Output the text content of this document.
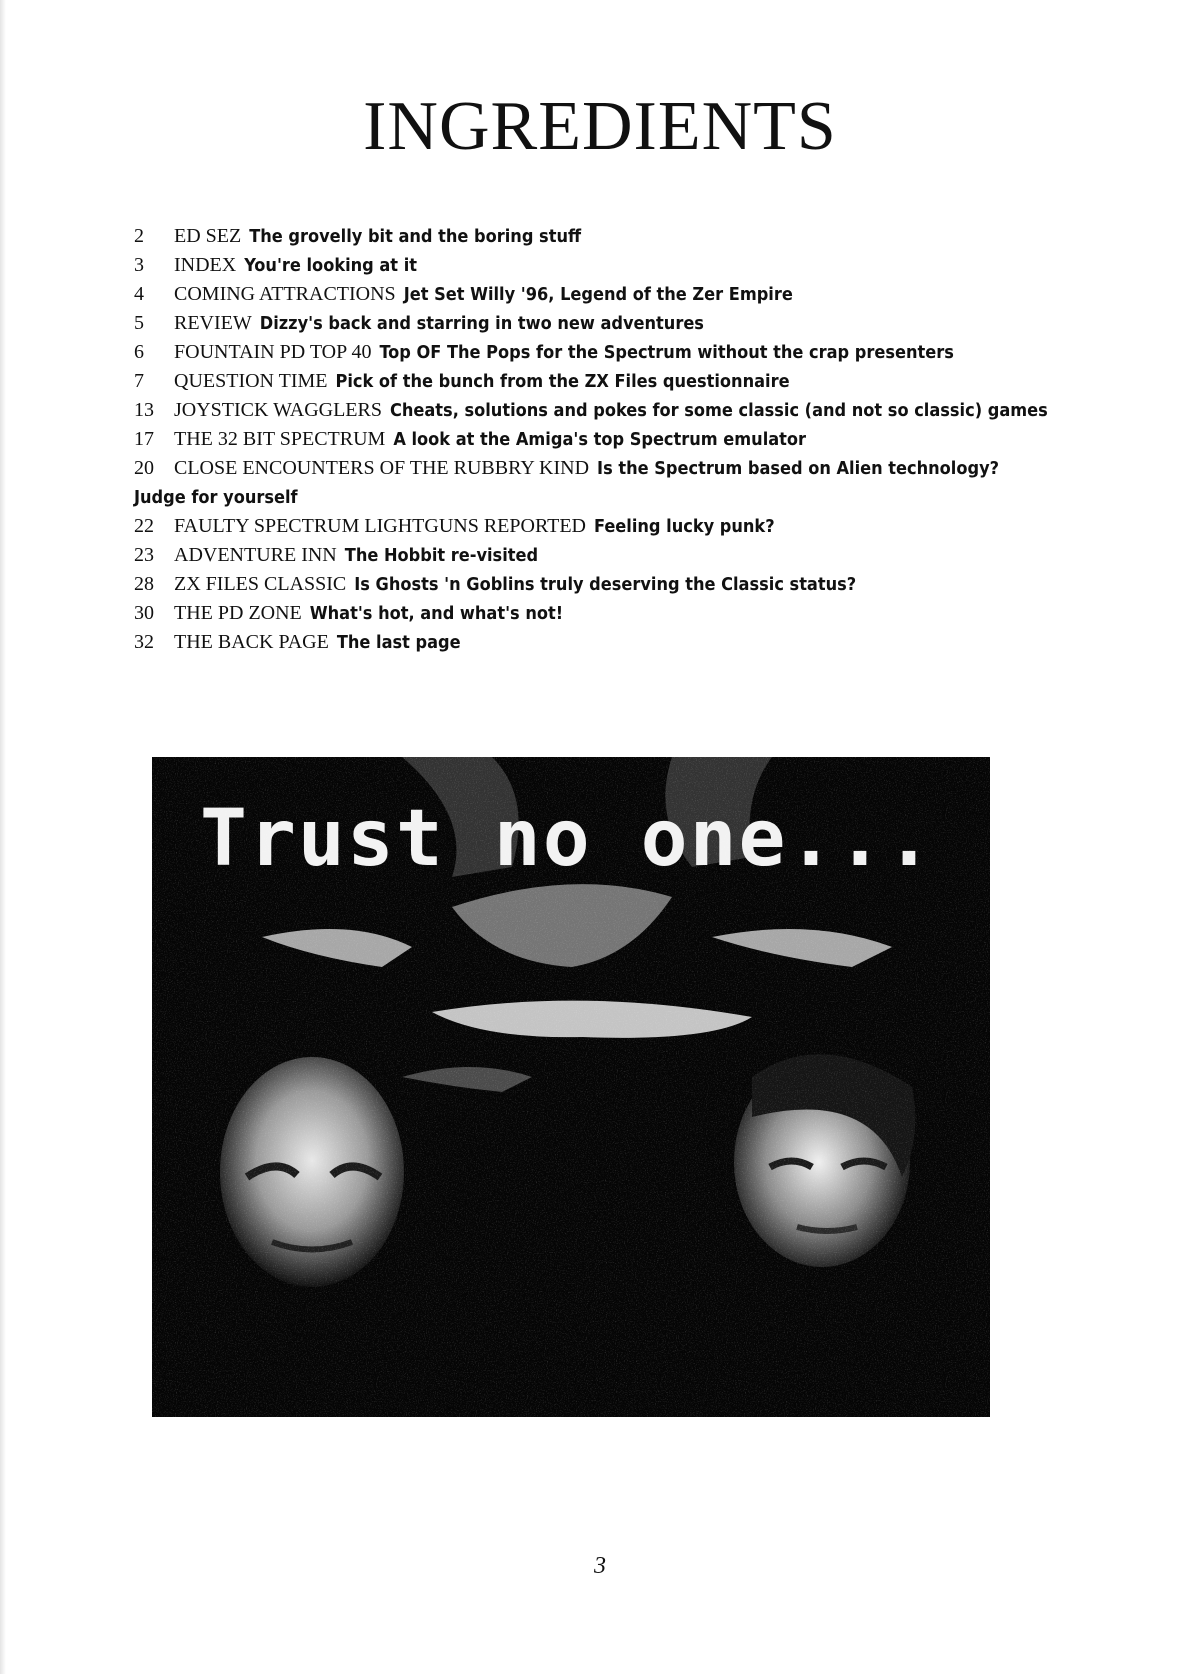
INGREDIENTS
2 ED SEZ The grovelly bit and the boring stuff
3 INDEX You're looking at it
4 COMING ATTRACTIONS Jet Set Willy '96, Legend of the Zer Empire
5 REVIEW Dizzy's back and starring in two new adventures
6 FOUNTAIN PD TOP 40 Top OF The Pops for the Spectrum without the crap presenters
7 QUESTION TIME Pick of the bunch from the ZX Files questionnaire
13 JOYSTICK WAGGLERS Cheats, solutions and pokes for some classic (and not so classic) games
17 THE 32 BIT SPECTRUM A look at the Amiga's top Spectrum emulator
20 CLOSE ENCOUNTERS OF THE RUBBRY KIND Is the Spectrum based on Alien technology? Judge for yourself
22 FAULTY SPECTRUM LIGHTGUNS REPORTED Feeling lucky punk?
23 ADVENTURE INN The Hobbit re-visited
28 ZX FILES CLASSIC Is Ghosts 'n Goblins truly deserving the Classic status?
30 THE PD ZONE What's hot, and what's not!
32 THE BACK PAGE The last page
Trust no one...
3
